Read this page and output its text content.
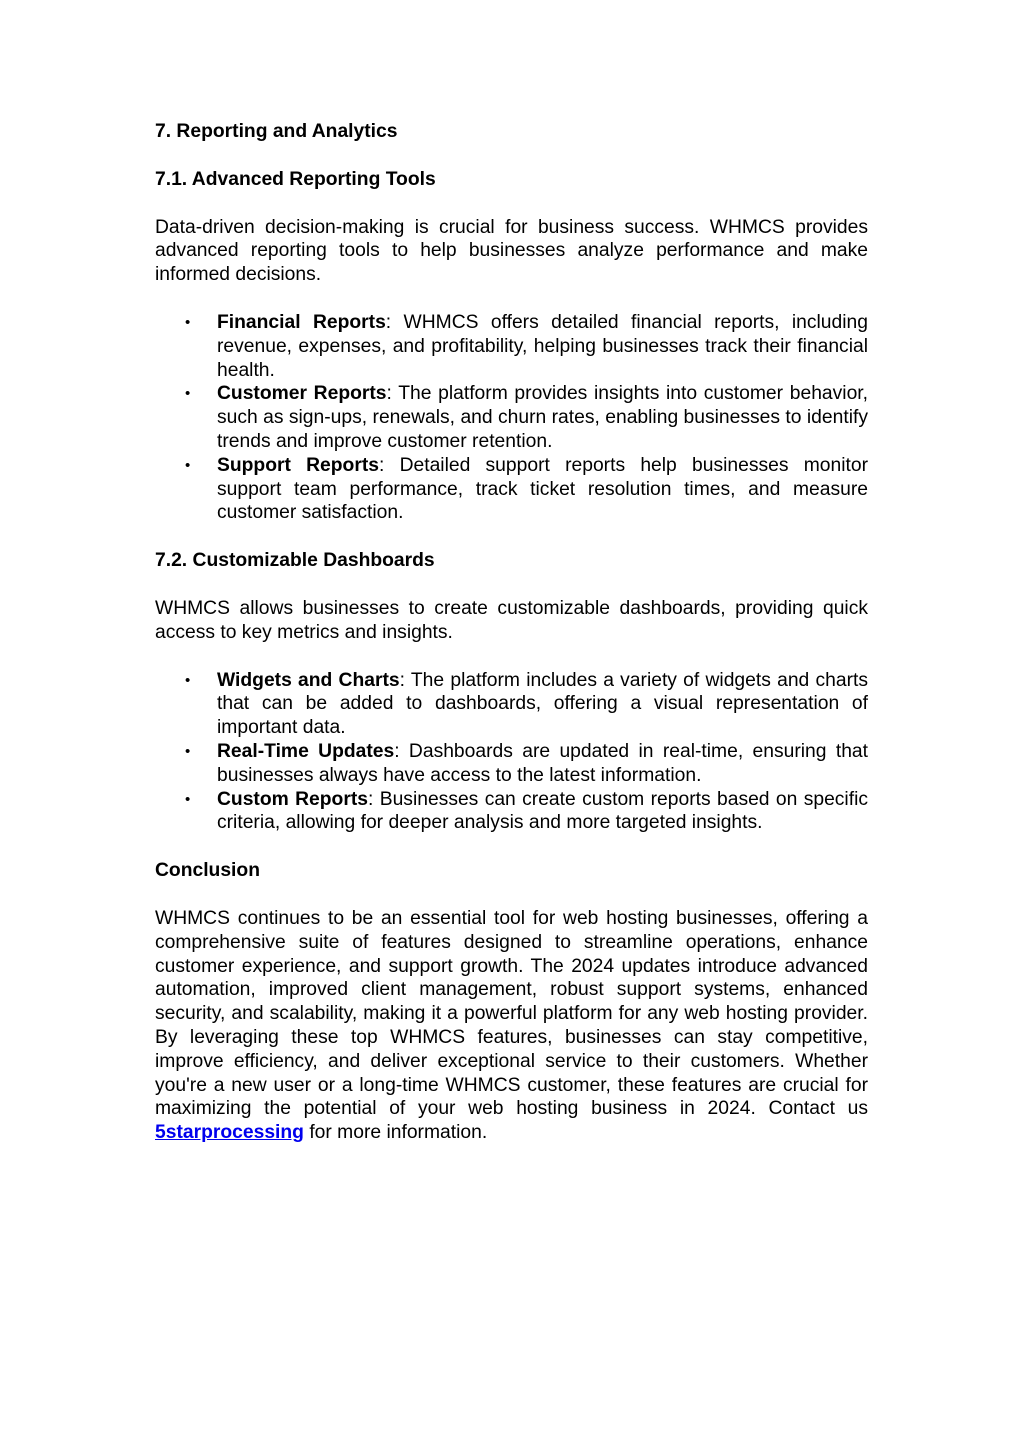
7. Reporting and Analytics
7.1. Advanced Reporting Tools

Data-driven decision-making is crucial for business success. WHMCS provides advanced reporting tools to help businesses analyze performance and make informed decisions.

• Financial Reports: WHMCS offers detailed financial reports, including revenue, expenses, and profitability, helping businesses track their financial health.
• Customer Reports: The platform provides insights into customer behavior, such as sign-ups, renewals, and churn rates, enabling businesses to identify trends and improve customer retention.
• Support Reports: Detailed support reports help businesses monitor support team performance, track ticket resolution times, and measure customer satisfaction.
7.2. Customizable Dashboards

WHMCS allows businesses to create customizable dashboards, providing quick access to key metrics and insights.

• Widgets and Charts: The platform includes a variety of widgets and charts that can be added to dashboards, offering a visual representation of important data.
• Real-Time Updates: Dashboards are updated in real-time, ensuring that businesses always have access to the latest information.
• Custom Reports: Businesses can create custom reports based on specific criteria, allowing for deeper analysis and more targeted insights.
Conclusion

WHMCS continues to be an essential tool for web hosting businesses, offering a comprehensive suite of features designed to streamline operations, enhance customer experience, and support growth. The 2024 updates introduce advanced automation, improved client management, robust support systems, enhanced security, and scalability, making it a powerful platform for any web hosting provider. By leveraging these top WHMCS features, businesses can stay competitive, improve efficiency, and deliver exceptional service to their customers. Whether you're a new user or a long-time WHMCS customer, these features are crucial for maximizing the potential of your web hosting business in 2024. Contact us 5starprocessing for more information.
